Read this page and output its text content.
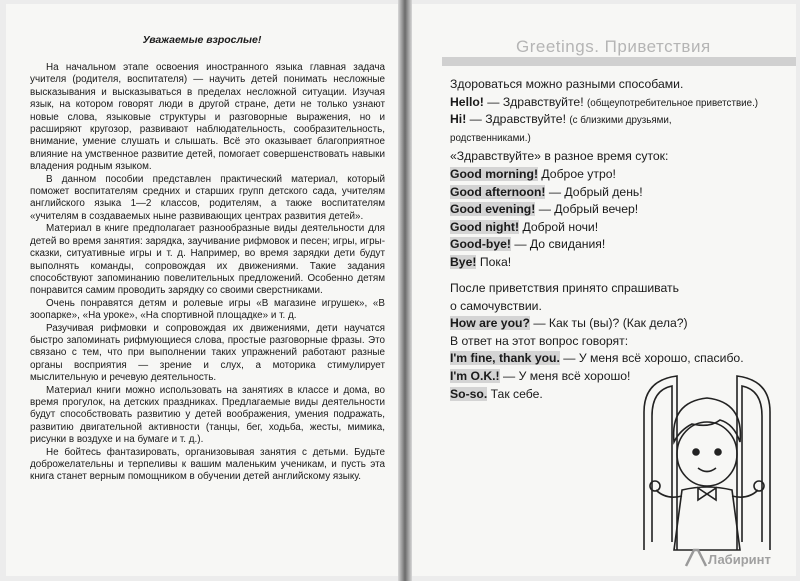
Уважаемые взрослые!

На начальном этапе освоения иностранного языка главная задача учителя (родителя, воспитателя) — научить детей понимать несложные высказывания и высказываться в пределах несложной ситуации. Изучая язык, на котором говорят люди в другой стране, дети не только узнают новые слова, языковые структуры и разговорные выражения, но и расширяют кругозор, развивают наблюдательность, сообразительность, внимание, умение слушать и слышать. Всё это оказывает благоприятное влияние на умственное развитие детей, помогает совершенствовать навыки владения родным языком.

В данном пособии представлен практический материал, который поможет воспитателям средних и старших групп детского сада, учителям английского языка 1—2 классов, родителям, а также воспитателям «учителям в создаваемых ныне развивающих центрах развития детей».

Материал в книге предполагает разнообразные виды деятельности для детей во время занятия: зарядка, заучивание рифмовок и песен; игры, игры-сказки, ситуативные игры и т. д. Например, во время зарядки дети будут выполнять команды, сопровождая их движениями. Такие задания способствуют запоминанию повелительных предложений. Особенно детям понравится самим проводить зарядку со своими сверстниками.

Очень понравятся детям и ролевые игры «В магазине игрушек», «В зоопарке», «На уроке», «На спортивной площадке» и т. д.

Разучивая рифмовки и сопровождая их движениями, дети научатся быстро запоминать рифмующиеся слова, простые разговорные фразы. Это связано с тем, что при выполнении таких упражнений работают разные органы восприятия — зрение и слух, а моторика стимулирует мыслительную и речевую деятельность.

Материал книги можно использовать на занятиях в классе и дома, во время прогулок, на детских праздниках. Предлагаемые виды деятельности будут способствовать развитию у детей воображения, умения подражать, развитию двигательной активности (танцы, бег, ходьба, жесты, мимика, рисунки в воздухе и на бумаге и т. д.).

Не бойтесь фантазировать, организовывая занятия с детьми. Будьте доброжелательны и терпеливы к вашим маленьким ученикам, и пусть эта книга станет верным помощником в обучении детей английскому языку.

Greetings. Приветствия
Здороваться можно разными способами.
Hello! — Здравствуйте! (общеупотребительное приветствие.)
Hi! — Здравствуйте! (с близкими друзьями, родственниками.)
«Здравствуйте» в разное время суток:
Good morning! Доброе утро!
Good afternoon! — Добрый день!
Good evening! — Добрый вечер!
Good night! Доброй ночи!
Good-bye! — До свидания!
Bye! Пока!
После приветствия принято спрашивать
о самочувствии.
How are you? — Как ты (вы)? (Как дела?)
В ответ на этот вопрос говорят:
I'm fine, thank you. — У меня всё хорошо, спасибо.
I'm O.K.! — У меня всё хорошо!
So-so. Так себе.
Лабиринт
